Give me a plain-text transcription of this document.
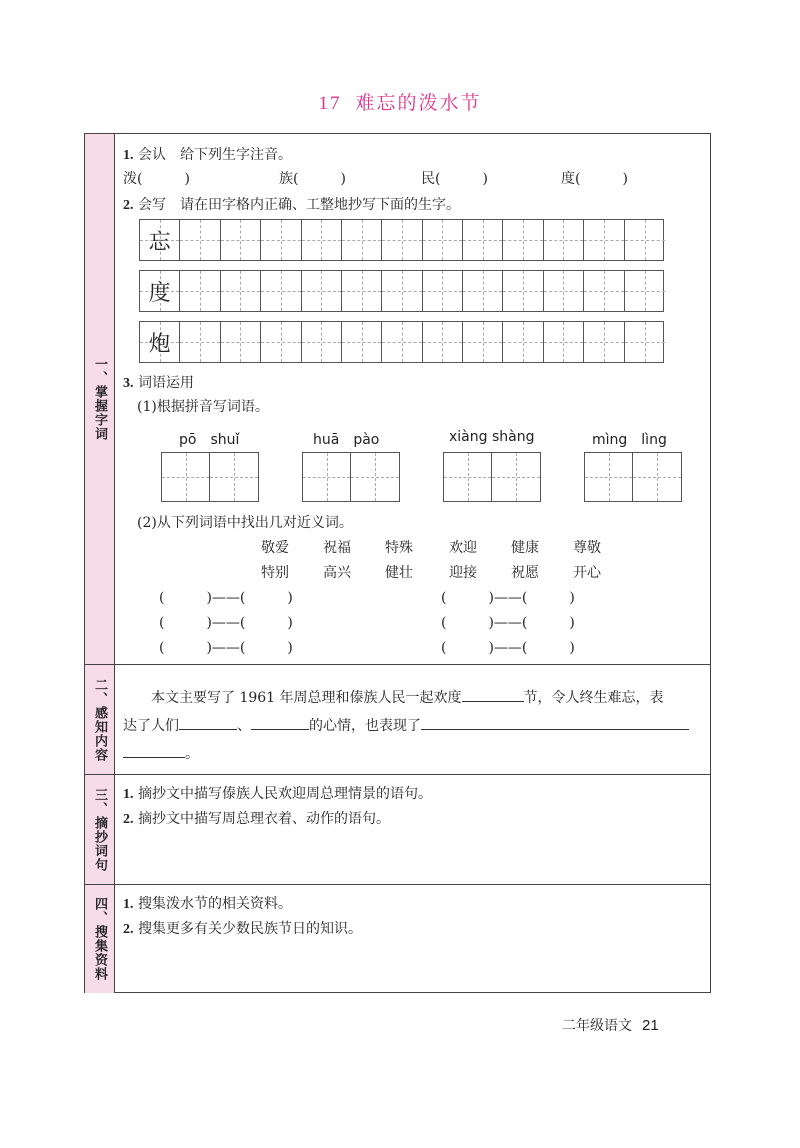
17 难忘的泼水节
一、掌握字词
1. 会认　给下列生字注音。
泼(　　　)	族(　　　)	民(　　　)	度(　　　)
2. 会写　请在田字格内正确、工整地抄写下面的生字。
忘
度
炮
3. 词语运用
(1)根据拼音写词语。
pō　shuǐ	huā　pào	xiàng shàng	mìng　lìng
(2)从下列词语中找出几对近义词。
敬爱 祝福 特殊	欢迎 健康 尊敬
特别 高兴 健壮	迎接 祝愿 开心
(　　　)——(　　　)
(　　　)——(　　　)
(　　　)——(　　　)
(　　　)——(　　　)
(　　　)——(　　　)
(　　　)——(　　　)
二、感知内容	本文主要写了 1961 年周总理和傣族人民一起欢度	节，令人终生难忘，表
达了人们	、	的心情，也表现了
。
三、摘抄词句 1. 摘抄文中描写傣族人民欢迎周总理情景的语句。
2. 摘抄文中描写周总理衣着、动作的语句。
四、搜集资料 1. 搜集泼水节的相关资料。
2. 搜集更多有关少数民族节日的知识。
二年级语文 21
